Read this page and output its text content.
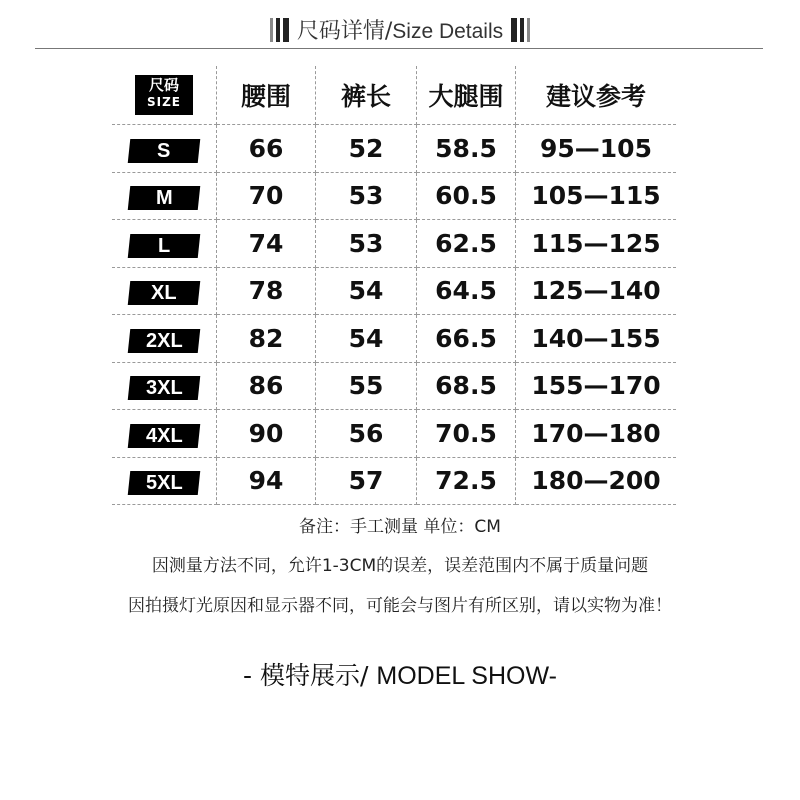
尺码详情/Size Details
尺码
SIZE	腰围	裤长	大腿围	建议参考
S	66	52	58.5	95—105
M	70	53	60.5	105—115
L	74	53	62.5	115—125
XL	78	54	64.5	125—140
2XL	82	54	66.5	140—155
3XL	86	55	68.5	155—170
4XL	90	56	70.5	170—180
5XL	94	57	72.5	180—200
备注：手工测量 单位：CM
因测量方法不同，允许1-3CM的误差，误差范围内不属于质量问题
因拍摄灯光原因和显示器不同，可能会与图片有所区别，请以实物为准！
- 模特展示/ MODEL SHOW-
